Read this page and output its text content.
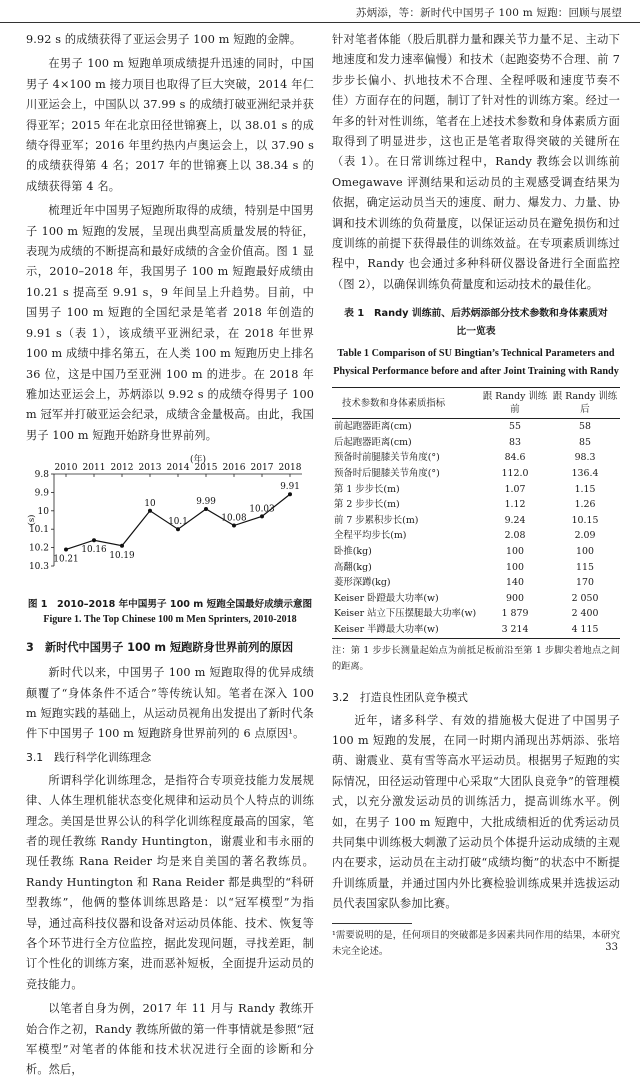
苏炳添，等：新时代中国男子 100 m 短跑：回顾与展望

9.92 s 的成绩获得了亚运会男子 100 m 短跑的金牌。

在男子 100 m 短跑单项成绩提升迅速的同时，中国男子 4×100 m 接力项目也取得了巨大突破，2014 年仁川亚运会上，中国队以 37.99 s 的成绩打破亚洲纪录并获得亚军；2015 年在北京田径世锦赛上，以 38.01 s 的成绩夺得亚军；2016 年里约热内卢奥运会上，以 37.90 s 的成绩获得第 4 名；2017 年的世锦赛上以 38.34 s 的成绩获得第 4 名。

梳理近年中国男子短跑所取得的成绩，特别是中国男子 100 m 短跑的发展，呈现出典型高质量发展的特征，表现为成绩的不断提高和最好成绩的含金价值高。图 1 显示，2010–2018 年，我国男子 100 m 短跑最好成绩由 10.21 s 提高至 9.91 s，9 年间呈上升趋势。目前，中国男子 100 m 短跑的全国纪录是笔者 2018 年创造的 9.91 s（表 1），该成绩平亚洲纪录，在 2018 年世界 100 m 成绩中排名第五，在人类 100 m 短跑历史上排名 36 位，这是中国乃至亚洲 100 m 的进步。在 2018 年雅加达亚运会上，苏炳添以 9.92 s 的成绩夺得男子 100 m 冠军并打破亚运会纪录，成绩含金量极高。由此，我国男子 100 m 短跑开始跻身世界前列。

9.8
9.9
10
10.1
10.2
10.3
(s)
(年)
2010 2011 2012 2013 2014 2015 2016 2017 2018
10.21
10.16
10.19
10
10.1
9.99
10.08
10.03
9.91
图 1　2010–2018 年中国男子 100 m 短跑全国最好成绩示意图
Figure 1. The Top Chinese 100 m Men Sprinters, 2010-2018
3　新时代中国男子 100 m 短跑跻身世界前列的原因

新时代以来，中国男子 100 m 短跑取得的优异成绩颠覆了“身体条件不适合”等传统认知。笔者在深入 100 m 短跑实践的基础上，从运动员视角出发提出了新时代条件下中国男子 100 m 短跑跻身世界前列的 6 点原因¹。

3.1　践行科学化训练理念

所谓科学化训练理念，是指符合专项竞技能力发展规律、人体生理机能状态变化规律和运动员个人特点的训练理念。美国是世界公认的科学化训练程度最高的国家，笔者的现任教练 Randy Huntington，谢震业和韦永丽的现任教练 Rana Reider 均是来自美国的著名教练员。Randy Huntington 和 Rana Reider 都是典型的“科研型教练”，他俩的整体训练思路是：以“冠军模型”为指导，通过高科技仪器和设备对运动员体能、技术、恢复等各个环节进行全方位监控，据此发现问题，寻找差距，制订个性化的训练方案，进而恶补短板，全面提升运动员的竞技能力。

以笔者自身为例，2017 年 11 月与 Randy 教练开始合作之初，Randy 教练所做的第一件事情就是参照“冠军模型”对笔者的体能和技术状况进行全面的诊断和分析。然后，

针对笔者体能（股后肌群力量和踝关节力量不足、主动下地速度和发力速率偏慢）和技术（起跑姿势不合理、前 7 步步长偏小、扒地技术不合理、全程呼吸和速度节奏不佳）方面存在的问题，制订了针对性的训练方案。经过一年多的针对性训练，笔者在上述技术参数和身体素质方面取得到了明显进步，这也正是笔者取得突破的关键所在（表 1）。在日常训练过程中，Randy 教练会以训练前 Omegawave 评测结果和运动员的主观感受调查结果为依据，确定运动员当天的速度、耐力、爆发力、力量、协调和技术训练的负荷量度，以保证运动员在避免损伤和过度训练的前提下获得最佳的训练效益。在专项素质训练过程中，Randy 也会通过多种科研仪器设备进行全面监控（图 2），以确保训练负荷量度和运动技术的最佳化。

表 1　Randy 训练前、后苏炳添部分技术参数和身体素质对比一览表
Table 1 Comparison of SU Bingtian’s Technical Parameters and Physical Performance before and after Joint Training with Randy
技术参数和身体素质指标	跟 Randy 训练前	跟 Randy 训练后
前起跑器距离(cm)	55	58
后起跑器距离(cm)	83	85
预备时前腿膝关节角度(°)	84.6	98.3
预备时后腿膝关节角度(°)	112.0	136.4
第 1 步步长(m)	1.07	1.15
第 2 步步长(m)	1.12	1.26
前 7 步累积步长(m)	9.24	10.15
全程平均步长(m)	2.08	2.09
卧推(kg)	100	100
高翻(kg)	100	115
菱形深蹲(kg)	140	170
Keiser 卧蹬最大功率(w)	900	2 050
Keiser 站立下压摆腿最大功率(w)	1 879	2 400
Keiser 半蹲最大功率(w)	3 214	4 115
注：第 1 步步长测量起始点为前抵足板前沿至第 1 步脚尖着地点之间的距离。
3.2　打造良性团队竞争模式

近年，诸多科学、有效的措施极大促进了中国男子 100 m 短跑的发展，在同一时期内涌现出苏炳添、张培萌、谢震业、莫有雪等高水平运动员。根据男子短跑的实际情况，田径运动管理中心采取“大团队良竞争”的管理模式，以充分激发运动员的训练活力，提高训练水平。例如，在男子 100 m 短跑中，大批成绩相近的优秀运动员共同集中训练极大刺激了运动员个体提升运动成绩的主观内在要求，运动员在主动打破“成绩均衡”的状态中不断提升训练质量，并通过国内外比赛检验训练成果并选拔运动员代表国家队参加比赛。

¹需要说明的是，任何项目的突破都是多因素共同作用的结果，本研究未完全论述。	33
